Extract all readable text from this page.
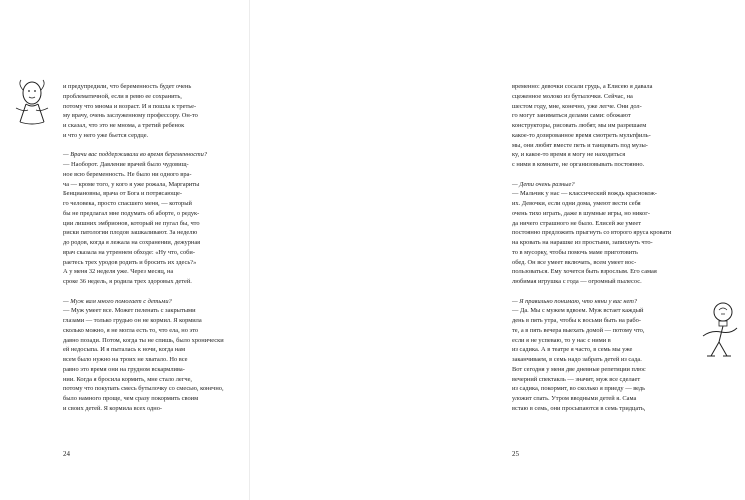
и предупредили, что беременность будет очень
проблематичной, если в ревю ее сохранить,
потому что мнома и возраст. И я пошла к третье-
му врачу, очень заслуженному профессору. Он-то
и сказал, что это не мнома, а третий ребенок
и что у него уже бьется сердце.
— Врачи вас поддерживали во время беременности?
— Наоборот. Давление врачей было чудовищ-
ное всю беременность. Не было ни одного вра-
ча — кроме того, у кого я уже рожала, Маргариты
Бенциановны, врача от Бога и потрясающе-
го человека, просто спасшего меня, — который
бы не предлагал мне подумать об аборте, о редук-
ции лишних эмбрионов, который не пугал бы, что
риски патологии плодов зашкаливают. За неделю
до родов, когда я лежала на сохранении, дежурная
врач сказала на утреннем обходе: «Ну что, соби-
раетесь трех уродов родить и бросить их здесь?»
А у меня 32 неделя уже. Через месяц, на
сроке 36 недель, я родила трех здоровых детей.
— Муж вам много помогает с детьми?
— Муж умеет все. Может пеленать с закрытыми
глазами — только грудью он не кормил. Я кормила
сколько можно, я не могла есть то, что ела, но это
давно позади. Потом, когда ты не спишь, было хронически
ей недосыпа. И я пыталась к ночи, когда нам
всем было нужно на троих не хватало. Но все
равно это время они на грудном вскармлива-
нии. Когда я бросила кормить, мне стало легче,
потому что покупать смесь бутылочку со смесью, конечно,
было намного проще, чем сразу покормить своим
и своих детей. Я кормила всех одно-
24
временно: девочки сосали грудь, а Елисею я давала
сцеженное молоко из бутылочки. Сейчас, на
шестом году, мне, конечно, уже легче. Они дол-
го могут заниматься делами сами: обожают
конструкторы, рисовать любят, мы им разрешаем
какое-то дозированное время смотреть мультфиль-
мы, они любят вместе петь и танцевать под музы-
ку, и какое-то время я могу не находиться
с ними в комнате, не организовывать постоянно.
— Дети очень разные?
— Мальчик у нас — классический вождь краснокож-
их. Девочки, если одни дома, умеют вести себя
очень тихо играть, даже в шумные игры, но никог-
да ничего страшного не было. Елисей же умеет
постоянно предложить прыгнуть со второго яруса кровати
на кровать на нарашке из простыни, запихнуть что-
то в мусорку, чтобы помочь маме приготовить
обед. Он все умеет включать, всем умеет вос-
пользоваться. Ему хочется быть взрослым. Его самая
любимая игрушка с года — огромный пылесос.
— Я правильно понимаю, что няни у вас нет?
— Да. Мы с мужем вдвоем. Муж встает каждый
день в пять утра, чтобы к восьми быть на рабо-
те, а в пять вечера выехать домой — потому что,
если я не успеваю, то у нас с ними в
из садика. А в театре я часто, в семь мы уже
заканчиваем, в семь надо забрать детей из сада.
Вот сегодня у меня две дневные репетиции плюс
вечерний спектакль — значит, муж все сделает
из садика, покормит, во сколько я приеду — ведь
уложит спать. Утром вводными детей я. Сама
встаю в семь, они просыпаются в семь тридцать,
25
